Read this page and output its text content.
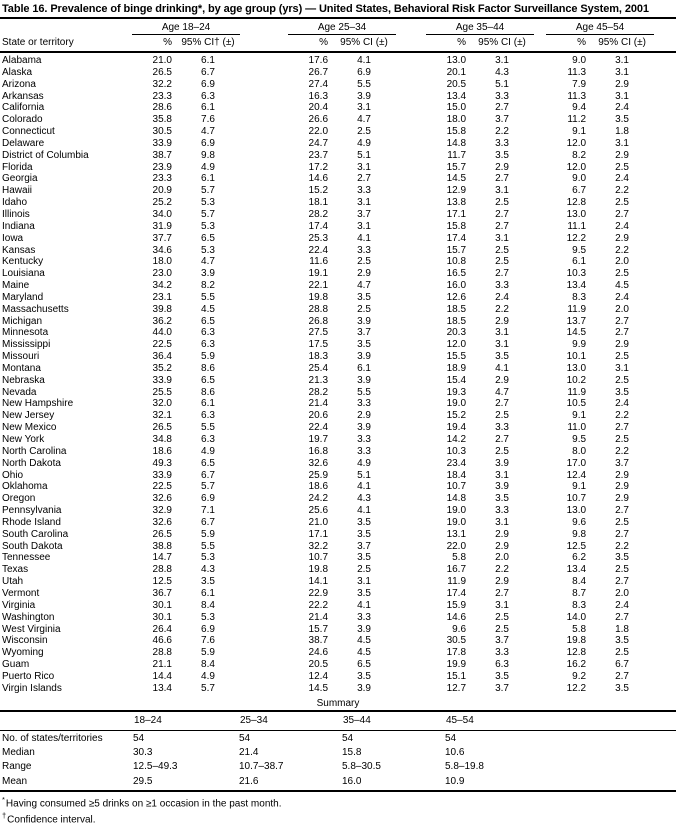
Table 16. Prevalence of binge drinking*, by age group (yrs) — United States, Behavioral Risk Factor Surveillance System, 2001
	Age 18–24			Age 25–34			Age 35–44			Age 45–54		
State or territory	%	95% CI† (±)		%	95% CI (±)		%	95% CI (±)		%	95% CI (±)	
Alabama	21.0	6.1		17.6	4.1		13.0	3.1		9.0	3.1	
Alaska	26.5	6.7		26.7	6.9		20.1	4.3		11.3	3.1	
Arizona	32.2	6.9		27.4	5.5		20.5	5.1		7.9	2.9	
Arkansas	23.3	6.3		16.3	3.9		13.4	3.3		11.3	3.1	
California	28.6	6.1		20.4	3.1		15.0	2.7		9.4	2.4	
Colorado	35.8	7.6		26.6	4.7		18.0	3.7		11.2	3.5	
Connecticut	30.5	4.7		22.0	2.5		15.8	2.2		9.1	1.8	
Delaware	33.9	6.9		24.7	4.9		14.8	3.3		12.0	3.1	
District of Columbia	38.7	9.8		23.7	5.1		11.7	3.5		8.2	2.9	
Florida	23.9	4.9		17.2	3.1		15.7	2.9		12.0	2.5	
Georgia	23.3	6.1		14.6	2.7		14.5	2.7		9.0	2.4	
Hawaii	20.9	5.7		15.2	3.3		12.9	3.1		6.7	2.2	
Idaho	25.2	5.3		18.1	3.1		13.8	2.5		12.8	2.5	
Illinois	34.0	5.7		28.2	3.7		17.1	2.7		13.0	2.7	
Indiana	31.9	5.3		17.4	3.1		15.8	2.7		11.1	2.4	
Iowa	37.7	6.5		25.3	4.1		17.4	3.1		12.2	2.9	
Kansas	34.6	5.3		22.4	3.3		15.7	2.5		9.5	2.2	
Kentucky	18.0	4.7		11.6	2.5		10.8	2.5		6.1	2.0	
Louisiana	23.0	3.9		19.1	2.9		16.5	2.7		10.3	2.5	
Maine	34.2	8.2		22.1	4.7		16.0	3.3		13.4	4.5	
Maryland	23.1	5.5		19.8	3.5		12.6	2.4		8.3	2.4	
Massachusetts	39.8	4.5		28.8	2.5		18.5	2.2		11.9	2.0	
Michigan	36.2	6.5		26.8	3.9		18.5	2.9		13.7	2.7	
Minnesota	44.0	6.3		27.5	3.7		20.3	3.1		14.5	2.7	
Mississippi	22.5	6.3		17.5	3.5		12.0	3.1		9.9	2.9	
Missouri	36.4	5.9		18.3	3.9		15.5	3.5		10.1	2.5	
Montana	35.2	8.6		25.4	6.1		18.9	4.1		13.0	3.1	
Nebraska	33.9	6.5		21.3	3.9		15.4	2.9		10.2	2.5	
Nevada	25.5	8.6		28.2	5.5		19.3	4.7		11.9	3.5	
New Hampshire	32.0	6.1		21.4	3.3		19.0	2.7		10.5	2.4	
New Jersey	32.1	6.3		20.6	2.9		15.2	2.5		9.1	2.2	
New Mexico	26.5	5.5		22.4	3.9		19.4	3.3		11.0	2.7	
New York	34.8	6.3		19.7	3.3		14.2	2.7		9.5	2.5	
North Carolina	18.6	4.9		16.8	3.3		10.3	2.5		8.0	2.2	
North Dakota	49.3	6.5		32.6	4.9		23.4	3.9		17.0	3.7	
Ohio	33.9	6.7		25.9	5.1		18.4	3.1		12.4	2.9	
Oklahoma	22.5	5.7		18.6	4.1		10.7	3.9		9.1	2.9	
Oregon	32.6	6.9		24.2	4.3		14.8	3.5		10.7	2.9	
Pennsylvania	32.9	7.1		25.6	4.1		19.0	3.3		13.0	2.7	
Rhode Island	32.6	6.7		21.0	3.5		19.0	3.1		9.6	2.5	
South Carolina	26.5	5.9		17.1	3.5		13.1	2.9		9.8	2.7	
South Dakota	38.8	5.5		32.2	3.7		22.0	2.9		12.5	2.2	
Tennessee	14.7	5.3		10.7	3.5		5.8	2.0		6.2	3.5	
Texas	28.8	4.3		19.8	2.5		16.7	2.2		13.4	2.5	
Utah	12.5	3.5		14.1	3.1		11.9	2.9		8.4	2.7	
Vermont	36.7	6.1		22.9	3.5		17.4	2.7		8.7	2.0	
Virginia	30.1	8.4		22.2	4.1		15.9	3.1		8.3	2.4	
Washington	30.1	5.3		21.4	3.3		14.6	2.5		14.0	2.7	
West Virginia	26.4	6.9		15.7	3.9		9.6	2.5		5.8	1.8	
Wisconsin	46.6	7.6		38.7	4.5		30.5	3.7		19.8	3.5	
Wyoming	28.8	5.9		24.6	4.5		17.8	3.3		12.8	2.5	
Guam	21.1	8.4		20.5	6.5		19.9	6.3		16.2	6.7	
Puerto Rico	14.4	4.9		12.4	3.5		15.1	3.5		9.2	2.7	
Virgin Islands	13.4	5.7		14.5	3.9		12.7	3.7		12.2	3.5	
Summary
	18–24	25–34	35–44	45–54
No. of states/territories	54	54	54	54
Median	30.3	21.4	15.8	10.6
Range	12.5–49.3	10.7–38.7	5.8–30.5	5.8–19.8
Mean	29.5	21.6	16.0	10.9
*Having consumed ≥5 drinks on ≥1 occasion in the past month.
†Confidence interval.
